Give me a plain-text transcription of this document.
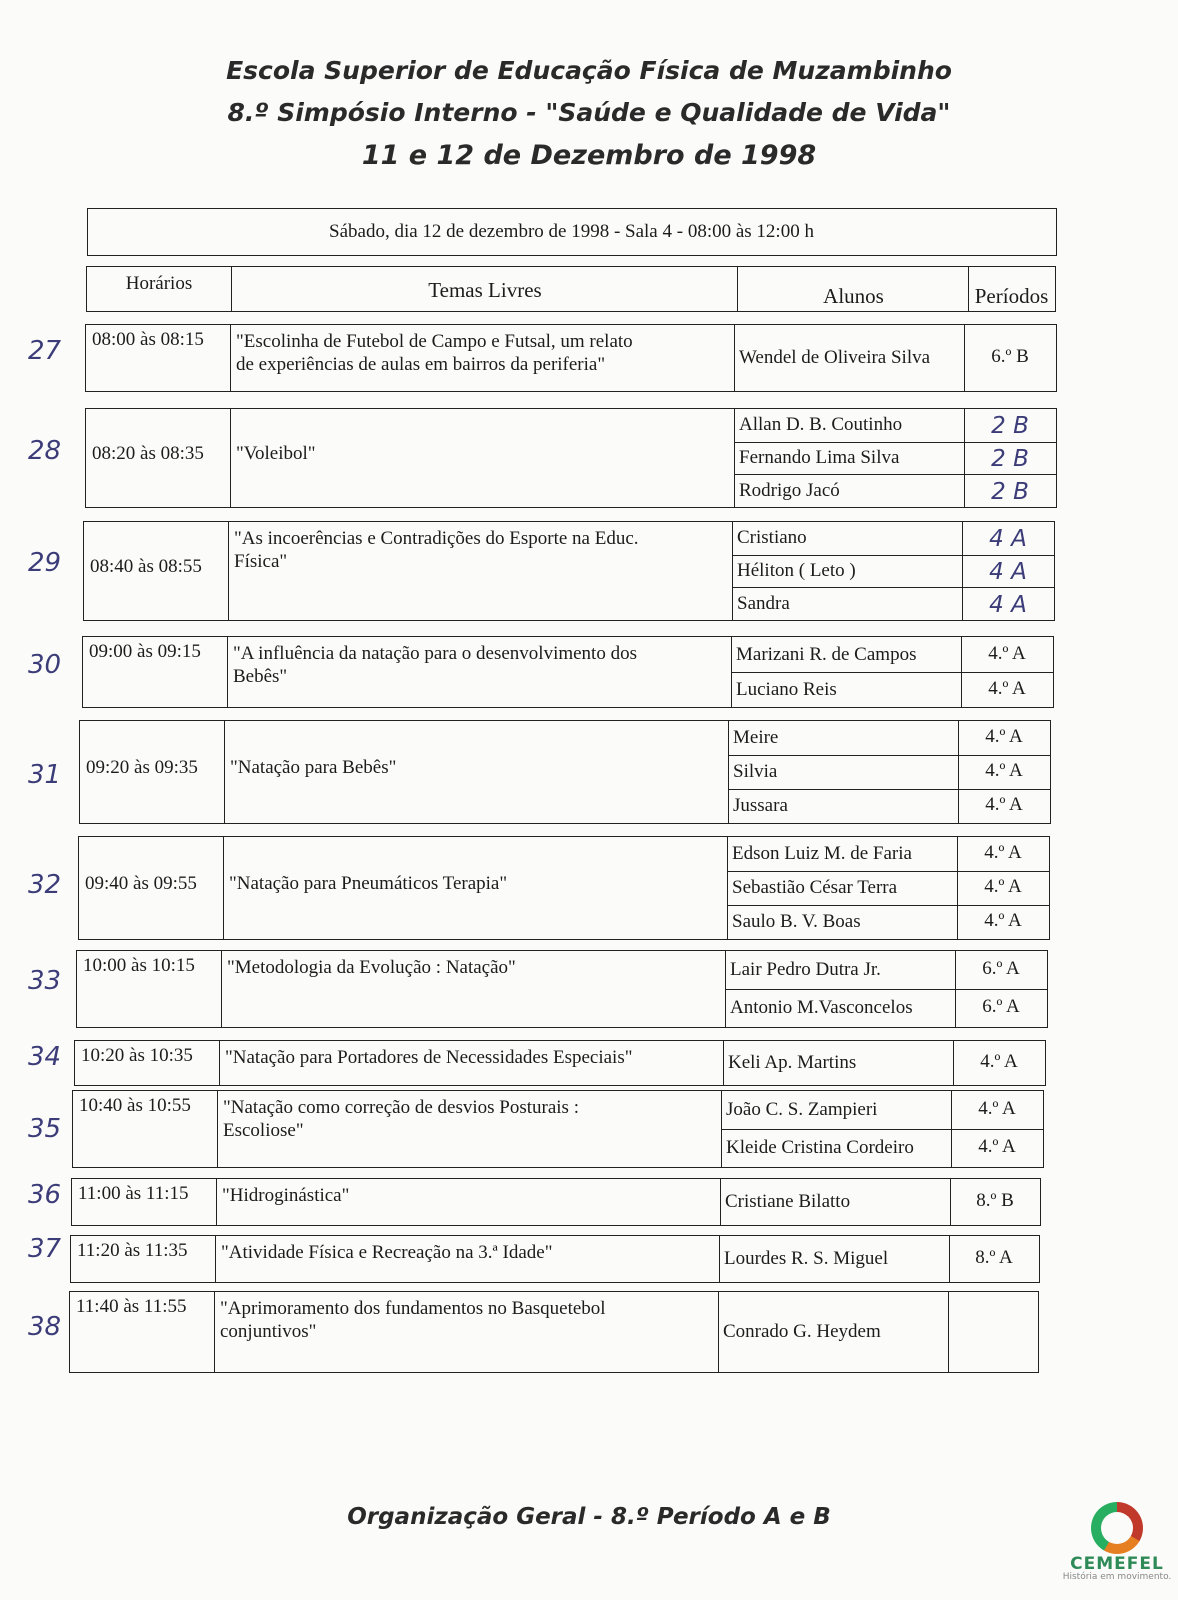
Escola Superior de Educação Física de Muzambinho
8.º Simpósio Interno - "Saúde e Qualidade de Vida"
11 e 12 de Dezembro de 1998
Sábado, dia 12 de dezembro de 1998 - Sala 4 - 08:00 às 12:00 h
Horários	Temas Livres	Alunos	Períodos
08:00 às 08:15 "Escolinha de Futebol de Campo e Futsal, um relato
de experiências de aulas em bairros da periferia"	Wendel de Oliveira Silva	6.º B
27
08:20 às 08:35 "Voleibol"
Allan D. B. Coutinho	2 B
Fernando Lima Silva	2 B
Rodrigo Jacó	2 B
28
08:40 às 08:55
"As incoerências e Contradições do Esporte na Educ.
Física"
Cristiano	4 A
Héliton ( Leto )	4 A
Sandra	4 A
29
09:00 às 09:15 "A influência da natação para o desenvolvimento dos
Bebês"
Marizani R. de Campos	4.º A
Luciano Reis	4.º A
30
09:20 às 09:35 "Natação para Bebês"
Meire	4.º A
Silvia	4.º A
Jussara	4.º A
31
09:40 às 09:55 "Natação para Pneumáticos Terapia"
Edson Luiz M. de Faria	4.º A
Sebastião César Terra	4.º A
Saulo B. V. Boas	4.º A
32
10:00 às 10:15 "Metodologia da Evolução : Natação"	Lair Pedro Dutra Jr.	6.º A
Antonio M.Vasconcelos	6.º A
33
10:20 às 10:35 "Natação para Portadores de Necessidades Especiais"	Keli Ap. Martins	4.º A
34
10:40 às 10:55 "Natação como correção de desvios Posturais :
Escoliose"
João C. S. Zampieri	4.º A
Kleide Cristina Cordeiro	4.º A
35
11:00 às 11:15 "Hidroginástica"	Cristiane Bilatto	8.º B
36
11:20 às 11:35 "Atividade Física e Recreação na 3.ª Idade"	Lourdes R. S. Miguel	8.º A
37
11:40 às 11:55 "Aprimoramento dos fundamentos no Basquetebol
conjuntivos"	Conrado G. Heydem
38
Organização Geral - 8.º Período A e B
CEMEFEL
História em movimento.
